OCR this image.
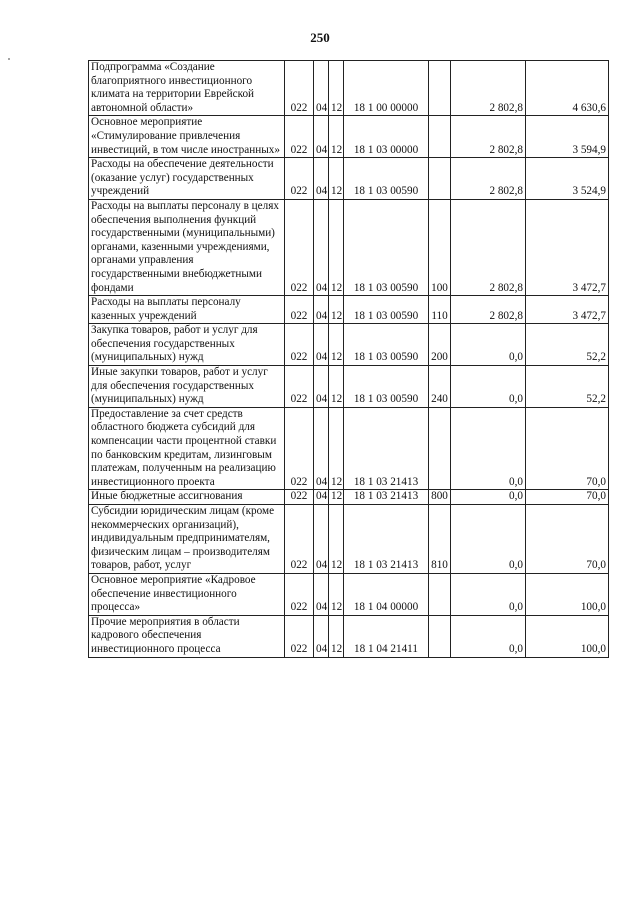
250
Подпрограмма «Создание благоприятного инвестиционного климата на территории Еврейской автономной области»	022	04	12	18 1 00 00000		2 802,8	4 630,6
Основное мероприятие «Стимулирование привлечения инвестиций, в том числе иностранных»	022	04	12	18 1 03 00000		2 802,8	3 594,9
Расходы на обеспечение деятельности (оказание услуг) государственных учреждений	022	04	12	18 1 03 00590		2 802,8	3 524,9
Расходы на выплаты персоналу в целях обеспечения выполнения функций государственными (муниципальными) органами, казенными учреждениями, органами управления государственными внебюджетными фондами	022	04	12	18 1 03 00590	100	2 802,8	3 472,7
Расходы на выплаты персоналу казенных учреждений	022	04	12	18 1 03 00590	110	2 802,8	3 472,7
Закупка товаров, работ и услуг для обеспечения государственных (муниципальных) нужд	022	04	12	18 1 03 00590	200	0,0	52,2
Иные закупки товаров, работ и услуг для обеспечения государственных (муниципальных) нужд	022	04	12	18 1 03 00590	240	0,0	52,2
Предоставление за счет средств областного бюджета субсидий для компенсации части процентной ставки по банковским кредитам, лизинговым платежам, полученным на реализацию инвестиционного проекта	022	04	12	18 1 03 21413		0,0	70,0
Иные бюджетные ассигнования	022	04	12	18 1 03 21413	800	0,0	70,0
Субсидии юридическим лицам (кроме некоммерческих организаций), индивидуальным предпринимателям, физическим лицам – производителям товаров, работ, услуг	022	04	12	18 1 03 21413	810	0,0	70,0
Основное мероприятие «Кадровое обеспечение инвестиционного процесса»	022	04	12	18 1 04 00000		0,0	100,0
Прочие мероприятия в области кадрового обеспечения инвестиционного процесса	022	04	12	18 1 04 21411		0,0	100,0
